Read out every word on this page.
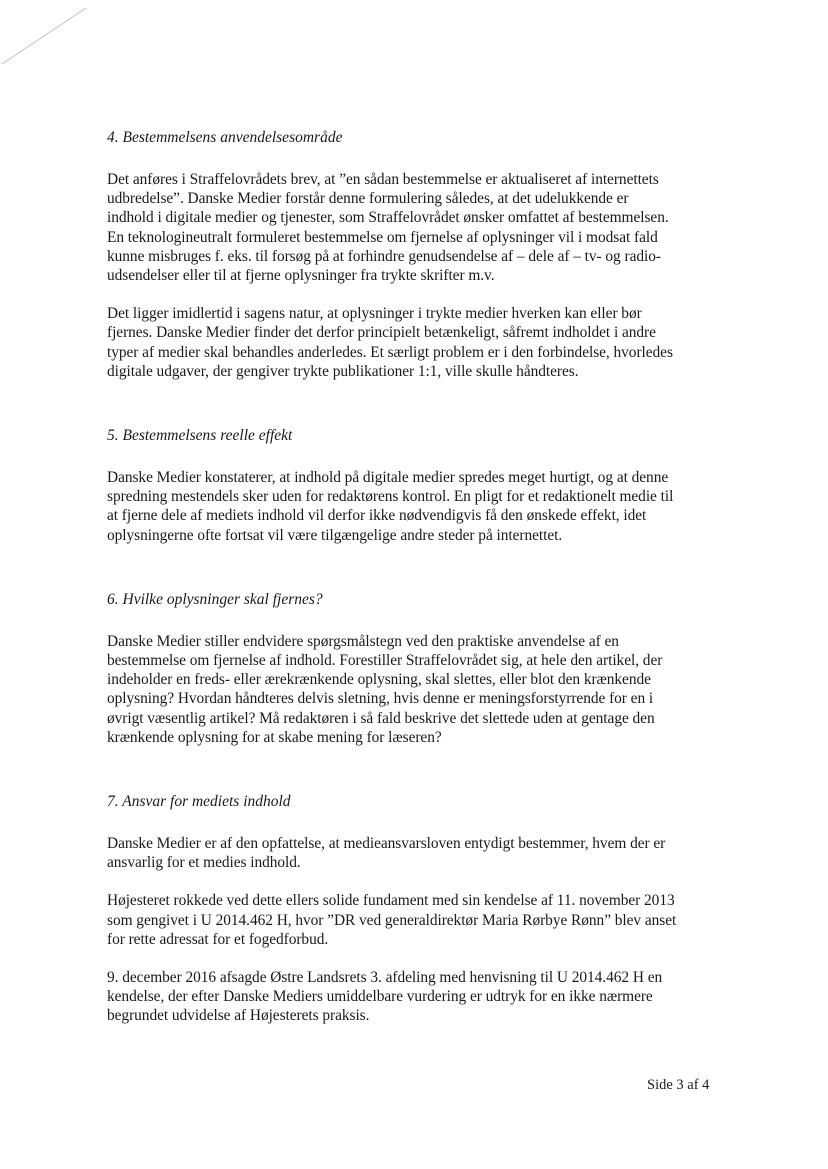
4. Bestemmelsens anvendelsesområde

Det anføres i Straffelovrådets brev, at ”en sådan bestemmelse er aktualiseret af internettets
udbredelse”. Danske Medier forstår denne formulering således, at det udelukkende er
indhold i digitale medier og tjenester, som Straffelovrådet ønsker omfattet af bestemmelsen.
En teknologineutralt formuleret bestemmelse om fjernelse af oplysninger vil i modsat fald
kunne misbruges f. eks. til forsøg på at forhindre genudsendelse af – dele af – tv- og radio-
udsendelser eller til at fjerne oplysninger fra trykte skrifter m.v.

Det ligger imidlertid i sagens natur, at oplysninger i trykte medier hverken kan eller bør
fjernes. Danske Medier finder det derfor principielt betænkeligt, såfremt indholdet i andre
typer af medier skal behandles anderledes. Et særligt problem er i den forbindelse, hvorledes
digitale udgaver, der gengiver trykte publikationer 1:1, ville skulle håndteres.

5. Bestemmelsens reelle effekt

Danske Medier konstaterer, at indhold på digitale medier spredes meget hurtigt, og at denne
spredning mestendels sker uden for redaktørens kontrol. En pligt for et redaktionelt medie til
at fjerne dele af mediets indhold vil derfor ikke nødvendigvis få den ønskede effekt, idet
oplysningerne ofte fortsat vil være tilgængelige andre steder på internettet.

6. Hvilke oplysninger skal fjernes?

Danske Medier stiller endvidere spørgsmålstegn ved den praktiske anvendelse af en
bestemmelse om fjernelse af indhold. Forestiller Straffelovrådet sig, at hele den artikel, der
indeholder en freds- eller ærekrænkende oplysning, skal slettes, eller blot den krænkende
oplysning? Hvordan håndteres delvis sletning, hvis denne er meningsforstyrrende for en i
øvrigt væsentlig artikel? Må redaktøren i så fald beskrive det slettede uden at gentage den
krænkende oplysning for at skabe mening for læseren?

7. Ansvar for mediets indhold

Danske Medier er af den opfattelse, at medieansvarsloven entydigt bestemmer, hvem der er
ansvarlig for et medies indhold.

Højesteret rokkede ved dette ellers solide fundament med sin kendelse af 11. november 2013
som gengivet i U 2014.462 H, hvor ”DR ved generaldirektør Maria Rørbye Rønn” blev anset
for rette adressat for et fogedforbud.

9. december 2016 afsagde Østre Landsrets 3. afdeling med henvisning til U 2014.462 H en
kendelse, der efter Danske Mediers umiddelbare vurdering er udtryk for en ikke nærmere
begrundet udvidelse af Højesterets praksis.

Side 3 af 4
